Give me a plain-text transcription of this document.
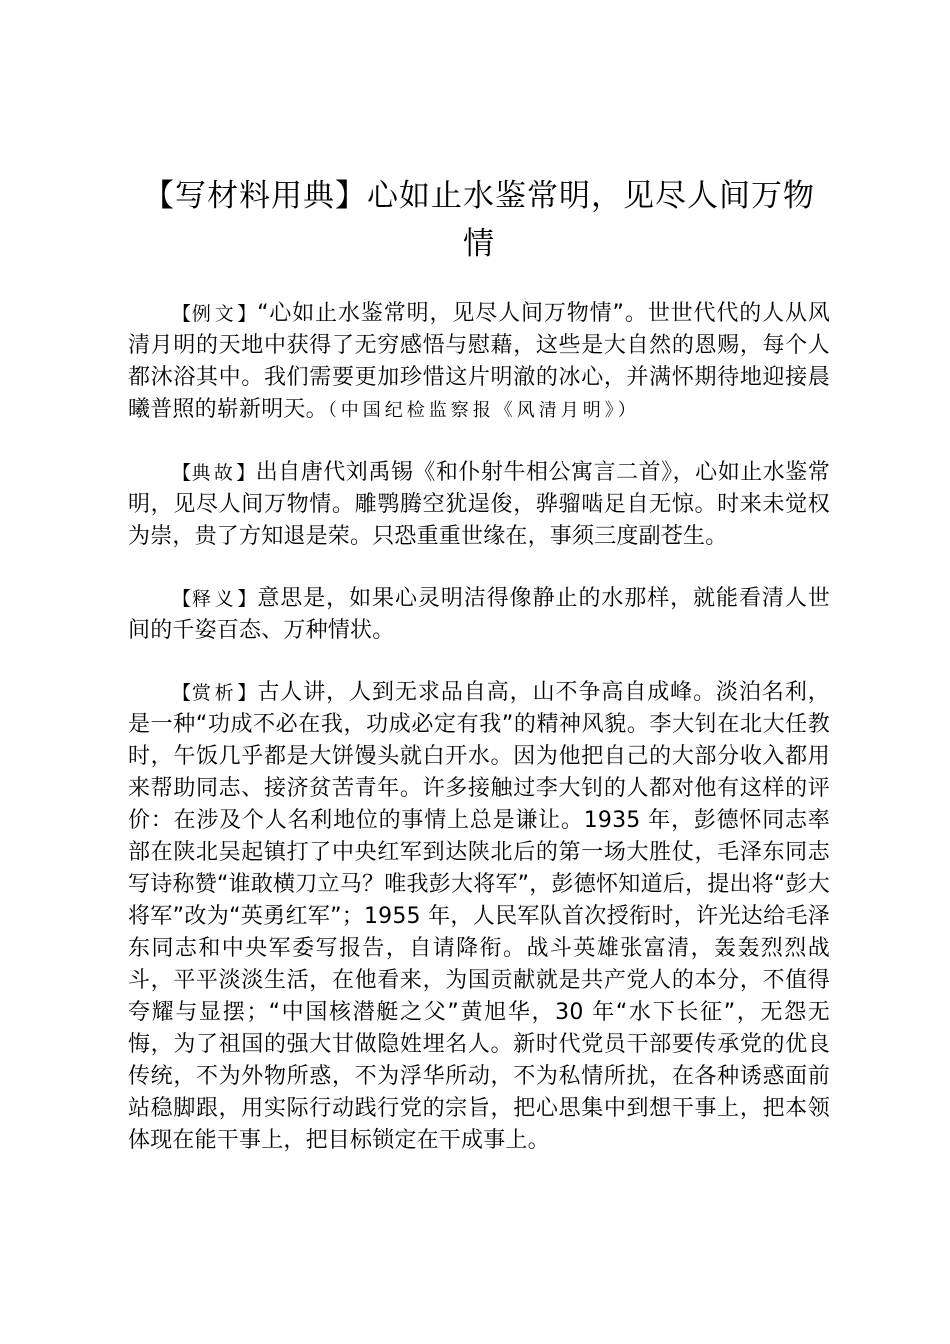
【写材料用典】心如止水鉴常明，见尽人间万物情

【例文】“心如止水鉴常明，见尽人间万物情”。世世代代的人从风清月明的天地中获得了无穷感悟与慰藉，这些是大自然的恩赐，每个人都沐浴其中。我们需要更加珍惜这片明澈的冰心，并满怀期待地迎接晨曦普照的崭新明天。（中国纪检监察报《风清月明》）

【典故】出自唐代刘禹锡《和仆射牛相公寓言二首》，心如止水鉴常明，见尽人间万物情。雕鹗腾空犹逞俊，骅骝啮足自无惊。时来未觉权为崇，贵了方知退是荣。只恐重重世缘在，事须三度副苍生。

【释义】意思是，如果心灵明洁得像静止的水那样，就能看清人世间的千姿百态、万种情状。

【赏析】古人讲，人到无求品自高，山不争高自成峰。淡泊名利，是一种“功成不必在我，功成必定有我”的精神风貌。李大钊在北大任教时，午饭几乎都是大饼馒头就白开水。因为他把自己的大部分收入都用来帮助同志、接济贫苦青年。许多接触过李大钊的人都对他有这样的评价：在涉及个人名利地位的事情上总是谦让。1935 年，彭德怀同志率部在陕北吴起镇打了中央红军到达陕北后的第一场大胜仗，毛泽东同志写诗称赞“谁敢横刀立马？唯我彭大将军”，彭德怀知道后，提出将“彭大将军”改为“英勇红军”；1955 年，人民军队首次授衔时，许光达给毛泽东同志和中央军委写报告，自请降衔。战斗英雄张富清，轰轰烈烈战斗，平平淡淡生活，在他看来，为国贡献就是共产党人的本分，不值得夸耀与显摆；“中国核潜艇之父”黄旭华，30 年“水下长征”，无怨无悔，为了祖国的强大甘做隐姓埋名人。新时代党员干部要传承党的优良传统，不为外物所惑，不为浮华所动，不为私情所扰，在各种诱惑面前站稳脚跟，用实际行动践行党的宗旨，把心思集中到想干事上，把本领体现在能干事上，把目标锁定在干成事上。
